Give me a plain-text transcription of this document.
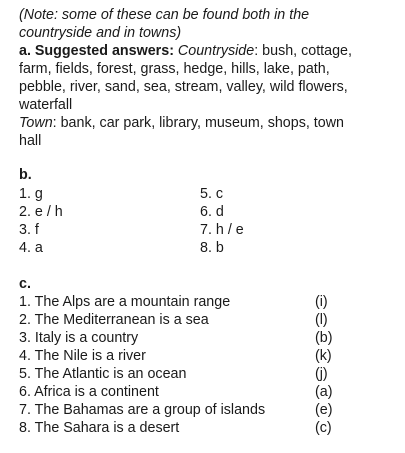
(Note: some of these can be found both in the
countryside and in towns)
a. Suggested answers: Countryside: bush, cottage,
farm, fields, forest, grass, hedge, hills, lake, path,
pebble, river, sand, sea, stream, valley, wild flowers,
waterfall
Town: bank, car park, library, museum, shops, town
hall
b.
1. g	5. c
2. e / h	6. d
3. f	7. h / e
4. a	8. b
c.
1. The Alps are a mountain range	(i)
2. The Mediterranean is a sea	(l)
3. Italy is a country	(b)
4. The Nile is a river	(k)
5. The Atlantic is an ocean	(j)
6. Africa is a continent	(a)
7. The Bahamas are a group of islands	(e)
8. The Sahara is a desert	(c)
